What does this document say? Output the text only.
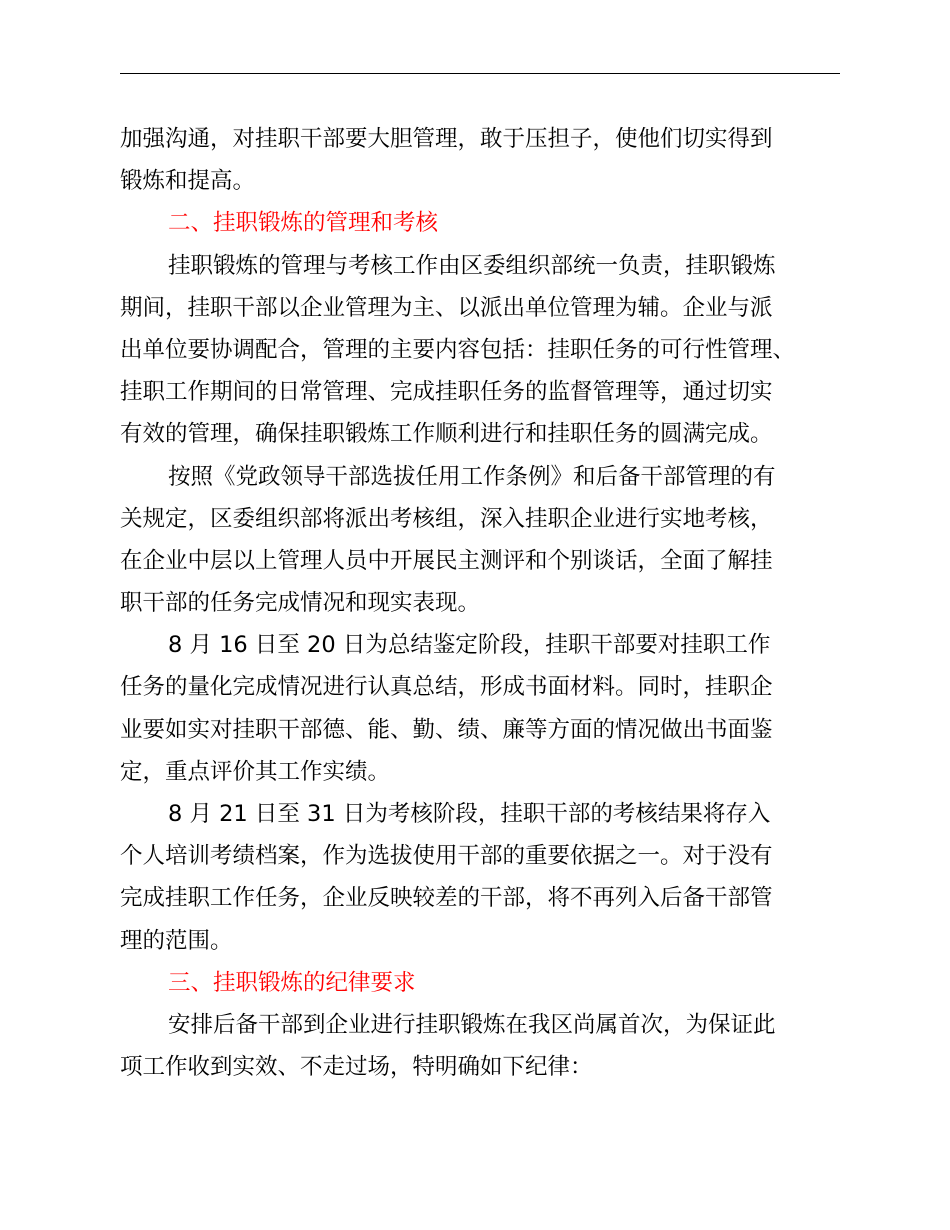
加强沟通，对挂职干部要大胆管理，敢于压担子，使他们切实得到
锻炼和提高。
二、挂职锻炼的管理和考核
挂职锻炼的管理与考核工作由区委组织部统一负责，挂职锻炼
期间，挂职干部以企业管理为主、以派出单位管理为辅。企业与派
出单位要协调配合，管理的主要内容包括：挂职任务的可行性管理、
挂职工作期间的日常管理、完成挂职任务的监督管理等，通过切实
有效的管理，确保挂职锻炼工作顺利进行和挂职任务的圆满完成。
按照《党政领导干部选拔任用工作条例》和后备干部管理的有
关规定，区委组织部将派出考核组，深入挂职企业进行实地考核，
在企业中层以上管理人员中开展民主测评和个别谈话，全面了解挂
职干部的任务完成情况和现实表现。
8 月 16 日至 20 日为总结鉴定阶段，挂职干部要对挂职工作
任务的量化完成情况进行认真总结，形成书面材料。同时，挂职企
业要如实对挂职干部德、能、勤、绩、廉等方面的情况做出书面鉴
定，重点评价其工作实绩。
8 月 21 日至 31 日为考核阶段，挂职干部的考核结果将存入
个人培训考绩档案，作为选拔使用干部的重要依据之一。对于没有
完成挂职工作任务，企业反映较差的干部，将不再列入后备干部管
理的范围。
三、挂职锻炼的纪律要求
安排后备干部到企业进行挂职锻炼在我区尚属首次，为保证此
项工作收到实效、不走过场，特明确如下纪律：
